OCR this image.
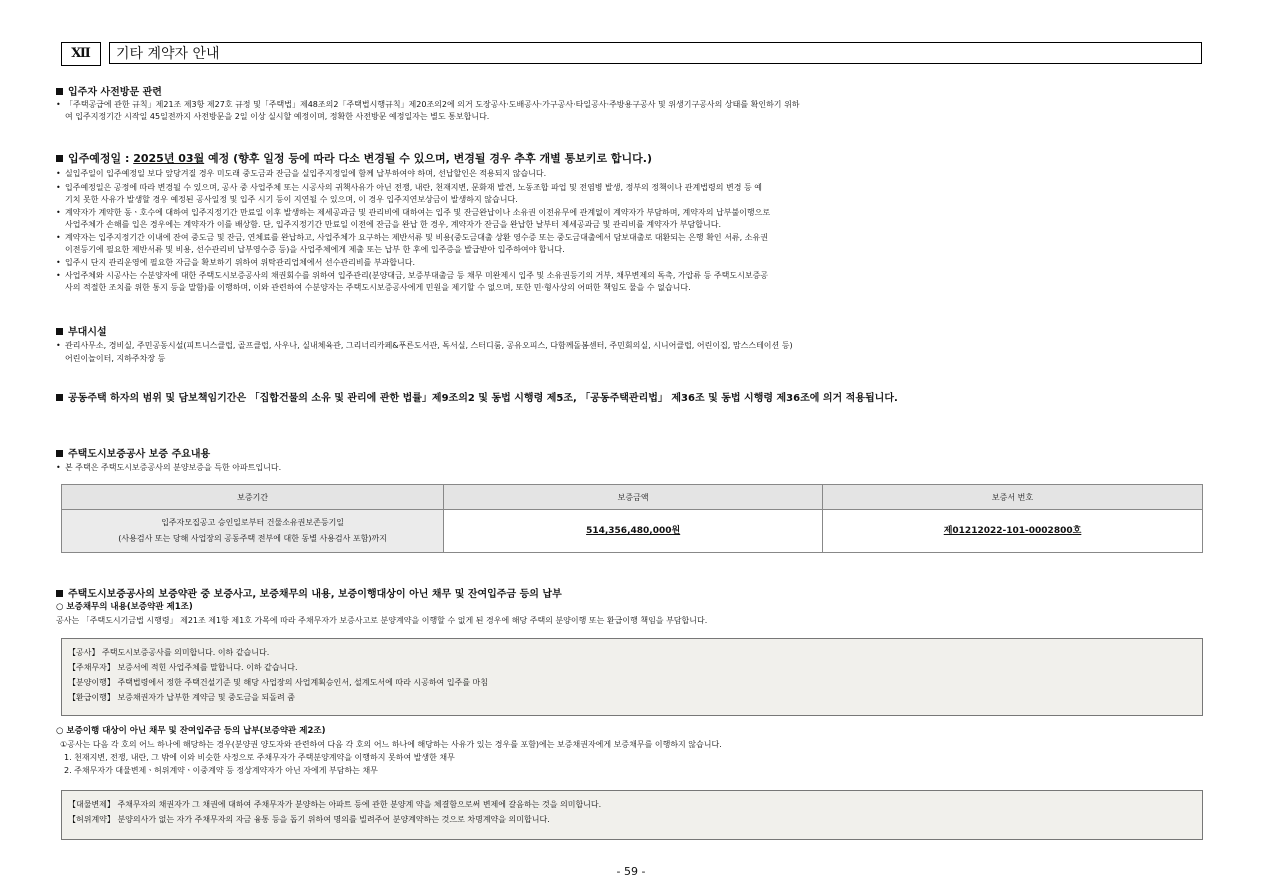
Ⅻ	기타 계약자 안내
입주자 사전방문 관련
• 「주택공급에 관한 규칙」제21조 제3항 제27호 규정 및「주택법」제48조의2「주택법시행규칙」제20조의2에 의거 도장공사·도배공사·가구공사·타일공사·주방용구공사 및 위생기구공사의 상태를 확인하기 위하
여 입주지정기간 시작일 45일전까지 사전방문을 2일 이상 실시할 예정이며, 정확한 사전방문 예정일자는 별도 통보합니다.
입주예정일 : 2025년 03월 예정 (향후 일정 등에 따라 다소 변경될 수 있으며, 변경될 경우 추후 개별 통보키로 합니다.)
• 실입주일이 입주예정일 보다 앞당겨질 경우 미도래 중도금과 잔금을 실입주지정일에 함께 납부하여야 하며, 선납할인은 적용되지 않습니다.
• 입주예정일은 공정에 따라 변경될 수 있으며, 공사 중 사업주체 또는 시공사의 귀책사유가 아닌 전쟁, 내란, 천재지변, 문화재 발견, 노동조합 파업 및 전염병 발생, 정부의 정책이나 관계법령의 변경 등 예
기치 못한 사유가 발생할 경우 예정된 공사일정 및 입주 시기 등이 지연될 수 있으며, 이 경우 입주지연보상금이 발생하지 않습니다.
• 계약자가 계약한 동ㆍ호수에 대하여 입주지정기간 만료일 이후 발생하는 제세공과금 및 관리비에 대하여는 입주 및 잔금완납이나 소유권 이전유무에 관계없이 계약자가 부담하며, 계약자의 납부불이행으로
사업주체가 손해를 입은 경우에는 계약자가 이를 배상함. 단, 입주지정기간 만료일 이전에 잔금을 완납 한 경우, 계약자가 잔금을 완납한 날부터 제세공과금 및 관리비를 계약자가 부담합니다.
• 계약자는 입주지정기간 이내에 잔여 중도금 및 잔금, 연체료를 완납하고, 사업주체가 요구하는 제반서류 및 비용(중도금대출 상환 영수증 또는 중도금대출에서 담보대출로 대환되는 은행 확인 서류, 소유권
이전등기에 필요한 제반서류 및 비용, 선수관리비 납부영수증 등)을 사업주체에게 제출 또는 납부 한 후에 입주증을 발급받아 입주하여야 합니다.
• 입주시 단지 관리운영에 필요한 자금을 확보하기 위하여 위탁관리업체에서 선수관리비를 부과합니다.
• 사업주체와 시공사는 수분양자에 대한 주택도시보증공사의 채권회수를 위하여 입주관리(분양대금, 보증부대출금 등 채무 미완제시 입주 및 소유권등기의 거부, 채무변제의 독촉, 가압류 등 주택도시보증공
사의 적절한 조치를 위한 통지 등을 말함)를 이행하며, 이와 관련하여 수분양자는 주택도시보증공사에게 민원을 제기할 수 없으며, 또한 민·형사상의 어떠한 책임도 물을 수 없습니다.
부대시설
• 관리사무소, 경비실, 주민공동시설(피트니스클럽, 골프클럽, 사우나, 실내체육관, 그리너리카페&푸른도서관, 독서실, 스터디룸, 공유오피스, 다함께돌봄센터, 주민회의실, 시니어클럽, 어린이집, 맘스스테이션 등)
어린이놀이터, 지하주차장 등
공동주택 하자의 범위 및 담보책임기간은 「집합건물의 소유 및 관리에 관한 법률」제9조의2 및 동법 시행령 제5조, 「공동주택관리법」 제36조 및 동법 시행령 제36조에 의거 적용됩니다.
주택도시보증공사 보증 주요내용
• 본 주택은 주택도시보증공사의 분양보증을 득한 아파트입니다.
보증기간	보증금액	보증서 번호

입주자모집공고 승인일로부터 건물소유권보존등기일
(사용검사 또는 당해 사업장의 공동주택 전부에 대한 동별 사용검사 포함)까지	514,356,480,000원	제01212022-101-0002800호
주택도시보증공사의 보증약관 중 보증사고, 보증채무의 내용, 보증이행대상이 아닌 채무 및 잔여입주금 등의 납부
○ 보증채무의 내용(보증약관 제1조)
공사는 「주택도시기금법 시행령」 제21조 제1항 제1호 가목에 따라 주채무자가 보증사고로 분양계약을 이행할 수 없게 된 경우에 해당 주택의 분양이행 또는 환급이행 책임을 부담합니다.
【공사】 주택도시보증공사를 의미합니다. 이하 같습니다.
【주채무자】 보증서에 적힌 사업주체를 말합니다. 이하 같습니다.
【분양이행】 주택법령에서 정한 주택건설기준 및 해당 사업장의 사업계획승인서, 설계도서에 따라 시공하여 입주를 마침
【환급이행】 보증채권자가 납부한 계약금 및 중도금을 되돌려 줌
○ 보증이행 대상이 아닌 채무 및 잔여입주금 등의 납부(보증약관 제2조)
①공사는 다음 각 호의 어느 하나에 해당하는 경우(분양권 양도자와 관련하여 다음 각 호의 어느 하나에 해당하는 사유가 있는 경우를 포함)에는 보증채권자에게 보증채무를 이행하지 않습니다.
1. 천재지변, 전쟁, 내란, 그 밖에 이와 비슷한 사정으로 주채무자가 주택분양계약을 이행하지 못하여 발생한 채무
2. 주채무자가 대물변제ㆍ허위계약ㆍ이중계약 등 정상계약자가 아닌 자에게 부담하는 채무
【대물변제】 주채무자의 채권자가 그 채권에 대하여 주채무자가 분양하는 아파트 등에 관한 분양계 약을 체결함으로써 변제에 갈음하는 것을 의미합니다.
【허위계약】 분양의사가 없는 자가 주채무자의 자금 융통 등을 돕기 위하여 명의를 빌려주어 분양계약하는 것으로 차명계약을 의미합니다.
- 59 -
